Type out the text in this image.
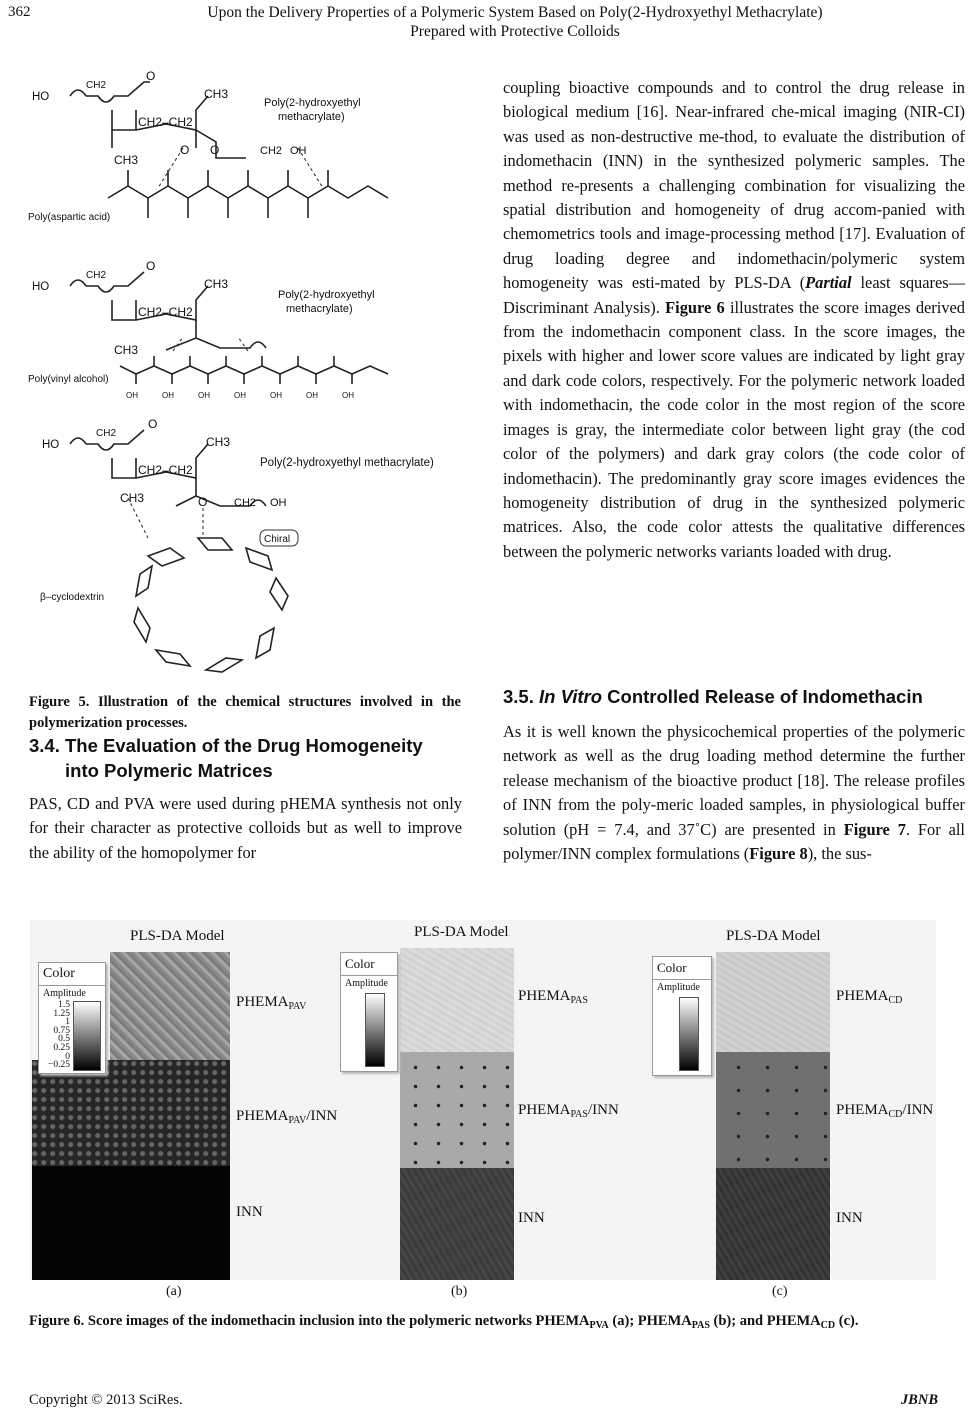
362	Upon the Delivery Properties of a Polymeric System Based on Poly(2-Hydroxyethyl Methacrylate)
Prepared with Protective Colloids
HO
CH2
O
CH3
CH2–CH2
CH3
O O	CH2 OH
Poly(2-hydroxyethyl
methacrylate)
Poly(aspartic acid)
HO
CH2
O
CH3
CH2–CH2
CH3
Poly(2-hydroxyethyl
methacrylate)
Poly(vinyl alcohol)
OH	OH	OH	OH	OH	OH	OH
HO
CH2
O
CH3
CH2–CH2
CH3	O CH2 OH
Poly(2-hydroxyethyl methacrylate)
β–cyclodextrin
Chiral
Figure 5. Illustration of the chemical structures involved in the polymerization processes.
3.4. The Evaluation of the Drug Homogeneity
into Polymeric Matrices
PAS, CD and PVA were used during pHEMA synthesis not only for their character as protective colloids but as well to improve the ability of the homopolymer for
coupling bioactive compounds and to control the drug release in biological medium [16]. Near-infrared che-mical imaging (NIR-CI) was used as non-destructive me-thod, to evaluate the distribution of indomethacin (INN) in the synthesized polymeric samples. The method re-presents a challenging combination for visualizing the spatial distribution and homogeneity of drug accom-panied with chemometrics tools and image-processing method [17]. Evaluation of drug loading degree and indomethacin/polymeric system homogeneity was esti-mated by PLS-DA (Partial least squares—Discriminant Analysis). Figure 6 illustrates the score images derived from the indomethacin component class. In the score images, the pixels with higher and lower score values are indicated by light gray and dark code colors, respectively. For the polymeric network loaded with indomethacin, the code color in the most region of the score images is gray, the intermediate color between light gray (the cod color of the polymers) and dark gray colors (the code color of indomethacin). The predominantly gray score images evidences the homogeneity distribution of drug in the synthesized polymeric matrices. Also, the code color attests the qualitative differences between the polymeric networks variants loaded with drug.
3.5. In Vitro Controlled Release of Indomethacin
As it is well known the physicochemical properties of the polymeric network as well as the drug loading method determine the further release mechanism of the bioactive product [18]. The release profiles of INN from the poly-meric loaded samples, in physiological buffer solution (pH = 7.4, and 37˚C) are presented in Figure 7. For all polymer/INN complex formulations (Figure 8), the sus-
PLS-DA Model
Color
Amplitude
1.5
1.25
1
0.75
0.5
0.25
0
−0.25
$PHEMA_{PAV}$
$PHEMA_{PAV}$/INN
INN
PLS-DA Model
Color
Amplitude
$PHEMA_{PAS}$
$PHEMA_{PAS}$/INN
INN
PLS-DA Model
Color
Amplitude
$PHEMA_{CD}$
$PHEMA_{CD}$/INN
INN
(a)	(b)	(c)
Figure 6. Score images of the indomethacin inclusion into the polymeric networks $PHEMA_{PVA}$ (a); $PHEMA_{PAS}$ (b); and $PHEMA_{CD}$ (c).
Copyright © 2013 SciRes.	JBNB
